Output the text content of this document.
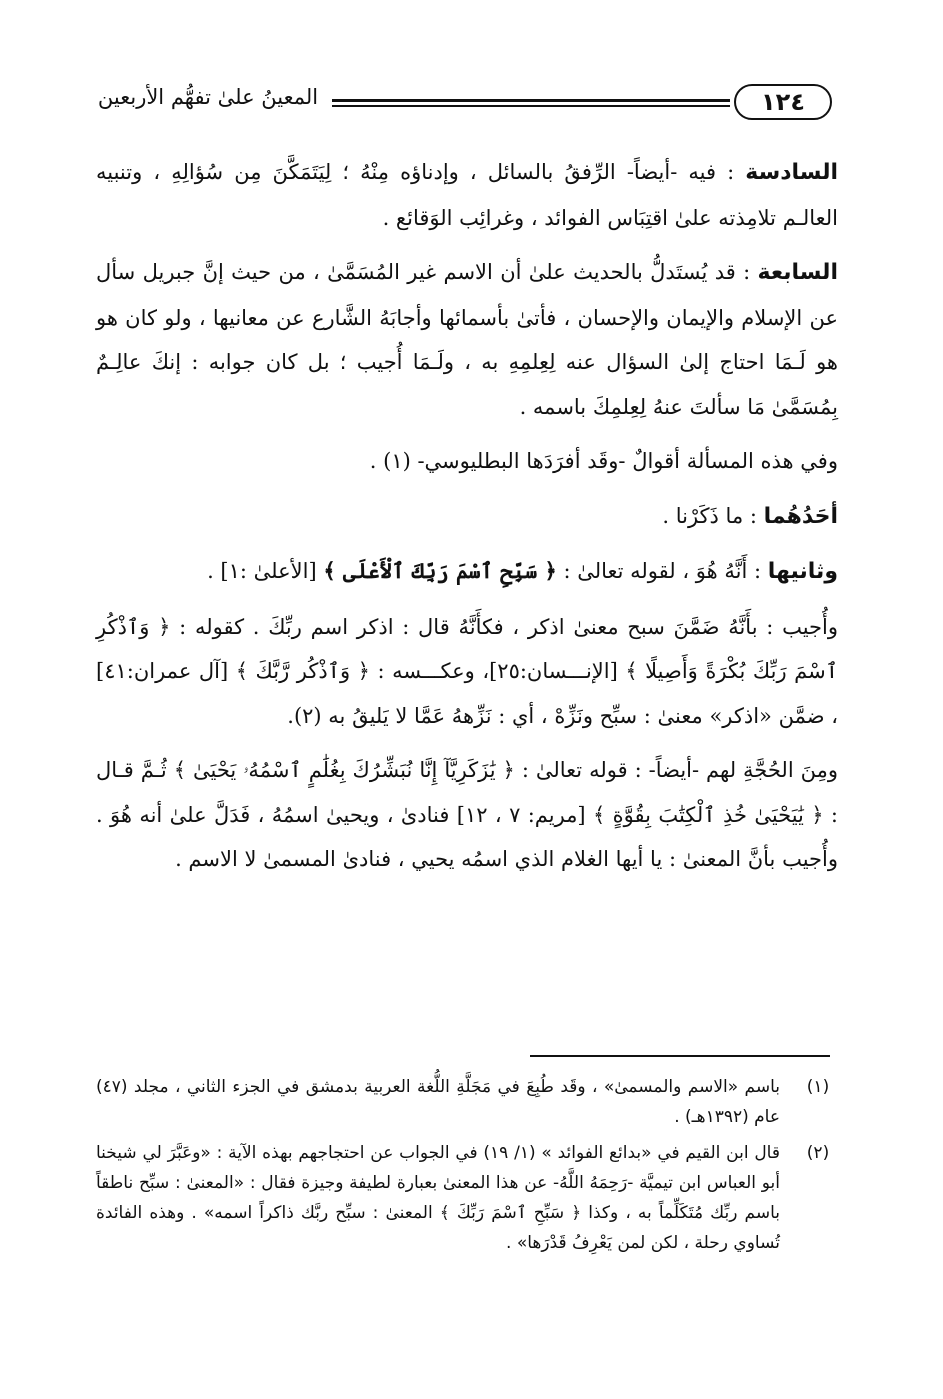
١٢٤
المعينُ علىٰ تفهُّم الأربعين

السادسة : فيه -أيضاً- الرِّفقُ بالسائل ، وإدناؤه مِنْهُ ؛ لِيَتَمَكَّنَ مِن سُؤالِهِ ، وتنبيه العالـم تلامِذته علىٰ اقتِبَاس الفوائد ، وغرائِب الوَقائع .

السابعة : قد يُستَدلُّ بالحديث علىٰ أن الاسم غير المُسَمَّىٰ ، من حيث إنَّ جبريل سأل عن الإسلام والإيمان والإحسان ، فأتىٰ بأسمائها وأجابَهُ الشَّارع عن معانيها ، ولو كان هو هو لَـمَا احتاج إلىٰ السؤال عنه لِعِلمِهِ به ، ولَـمَا أُجيب ؛ بل كان جوابه : إنكَ عالِـمٌ بِمُسَمَّىٰ مَا سألتَ عنهُ لِعِلمِكَ باسمه .

وفي هذه المسألة أقوالٌ -وقَد أفرَدَها البطليوسي- (١) .

أحَدُهُما : ما ذَكَرْنا .

وثانيها : أَنَّهُ هُوَ ، لقوله تعالىٰ : ﴿ سَبِّحِ ٱسْمَ رَبِّكَ ٱلْأَعْلَى ﴾ [الأعلىٰ :١] .

وأُجيب : بأَنَّهُ ضَمَّنَ سبح معنىٰ اذكر ، فكأَنَّهُ قال : اذكر اسم ربِّكَ . كقوله : ﴿ وَٱذْكُرِ ٱسْمَ رَبِّكَ بُكْرَةً وَأَصِيلًا ﴾ [الإنـــسان:٢٥]، وعكـــسه : ﴿ وَٱذْكُر رَّبَّكَ ﴾ [آل عمران:٤١] ، ضمَّن «اذكر» معنىٰ : سبِّح ونَزِّهْ ، أي : نَزِّههُ عَمَّا لا يَليقُ به (٢).

ومِنَ الحُجَّةِ لهم -أيضاً- : قوله تعالىٰ : ﴿ يَٰزَكَرِيَّآ إِنَّا نُبَشِّرُكَ بِغُلَٰمٍ ٱسْمُهُۥ يَحْيَىٰ ﴾ ثُـمَّ قـال : ﴿ يَٰيَحْيَىٰ خُذِ ٱلْكِتَٰبَ بِقُوَّةٍ ﴾ [مريم: ٧ ، ١٢] فنادىٰ ، ويحيىٰ اسمُهُ ، فَدَلَّ علىٰ أنه هُوَ . وأُجيب بأنَّ المعنىٰ : يا أيها الغلام الذي اسمُه يحيي ، فنادىٰ المسمىٰ لا الاسم .

(١)
باسم «الاسم والمسمىٰ» ، وقَد طُبِعَ في مَجَلَّةِ اللُّغة العربية بدمشق في الجزء الثاني ، مجلد (٤٧) عام (١٣٩٢هـ) .
(٢)
قال ابن القيم في «بدائع الفوائد » (١/ ١٩) في الجواب عن احتجاجهم بهذه الآية : «وعَبَّرَ لي شيخنا أبو العباس ابن تيميَّة -رَحِمَهُ اللَّهُ- عن هذا المعنىٰ بعبارة لطيفة وجيزة فقال : «المعنىٰ : سبِّح ناطقاً باسم ربِّك مُتَكَلِّماً به ، وكذا ﴿ سَبِّحِ ٱسْمَ رَبِّكَ ﴾ المعنىٰ : سبِّح ربَّك ذاكراً اسمه» . وهذه الفائدة تُساوي رحلة ، لكن لمن يَعْرِفُ قَدْرَها» .
